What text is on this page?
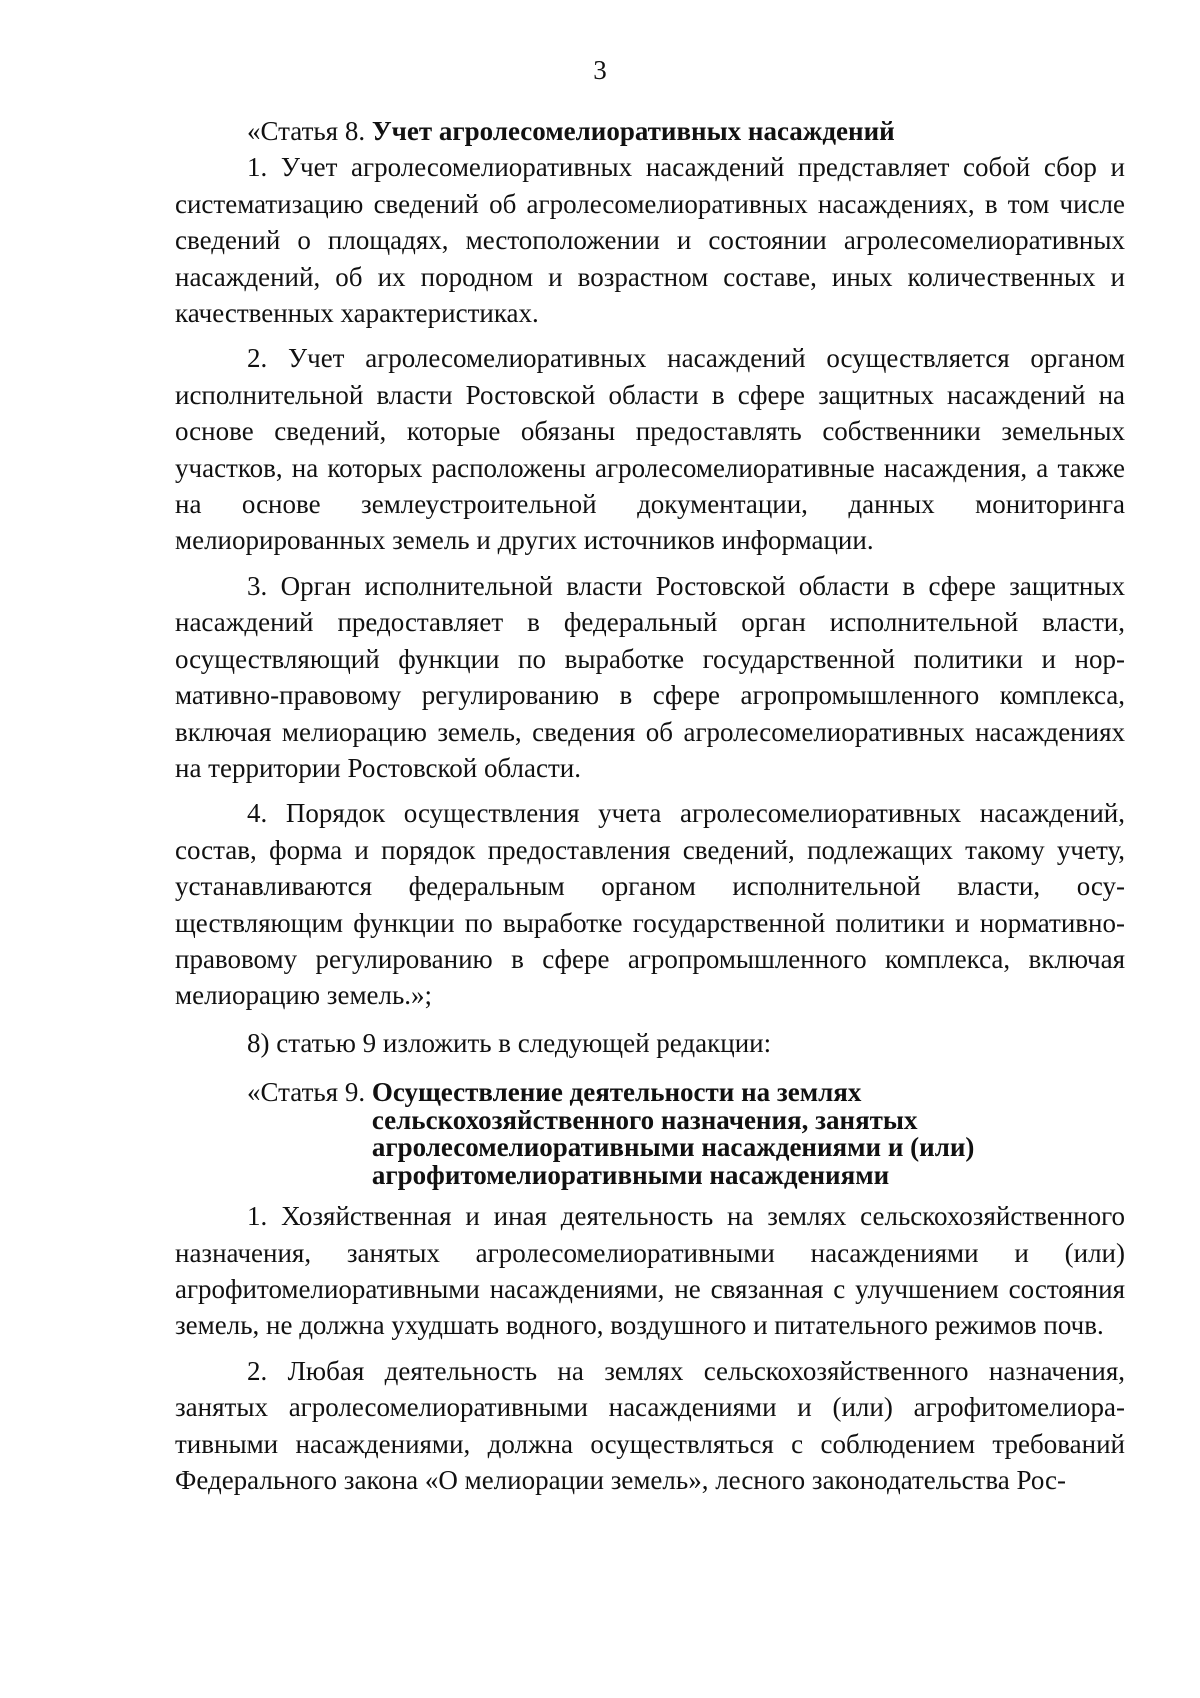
3

«Статья 8. Учет агролесомелиоративных насаждений

1. Учет агролесомелиоративных насаждений представляет собой сбор и систематизацию сведений об агролесомелиоративных насаждениях, в том числе сведений о площадях, местоположении и состоянии агролесомелиоративных насаждений, об их породном и возрастном составе, иных количественных и качественных характеристиках.

2. Учет агролесомелиоративных насаждений осуществляется органом исполнительной власти Ростовской области в сфере защитных насаждений на основе сведений, которые обязаны предоставлять собственники земельных участков, на которых расположены агролесомелиоративные насаждения, а также на основе землеустроительной документации, данных мониторинга мелиорированных земель и других источников информации.

3. Орган исполнительной власти Ростовской области в сфере защитных насаждений предоставляет в федеральный орган исполнительной власти, осуществляющий функции по выработке государственной политики и нормативно-правовому регулированию в сфере агропромышленного комплекса, включая мелиорацию земель, сведения об агролесомелиоративных насаждениях на территории Ростовской области.

4. Порядок осуществления учета агролесомелиоративных насаждений, состав, форма и порядок предоставления сведений, подлежащих такому учету, устанавливаются федеральным органом исполнительной власти, осуществляющим функции по выработке государственной политики и нормативно-правовому регулированию в сфере агропромышленного комплекса, включая мелиорацию земель.»;

8) статью 9 изложить в следующей редакции:

«Статья 9. Осуществление деятельности на землях
сельскохозяйственного назначения, занятых
агролесомелиоративными насаждениями и (или)
агрофитомелиоративными насаждениями

1. Хозяйственная и иная деятельность на землях сельскохозяйственного назначения, занятых агролесомелиоративными насаждениями и (или) агрофитомелиоративными насаждениями, не связанная с улучшением состояния земель, не должна ухудшать водного, воздушного и питательного режимов почв.

2. Любая деятельность на землях сельскохозяйственного назначения, занятых агролесомелиоративными насаждениями и (или) агрофитомелиоративными насаждениями, должна осуществляться с соблюдением требований Федерального закона «О мелиорации земель», лесного законодательства Рос-
